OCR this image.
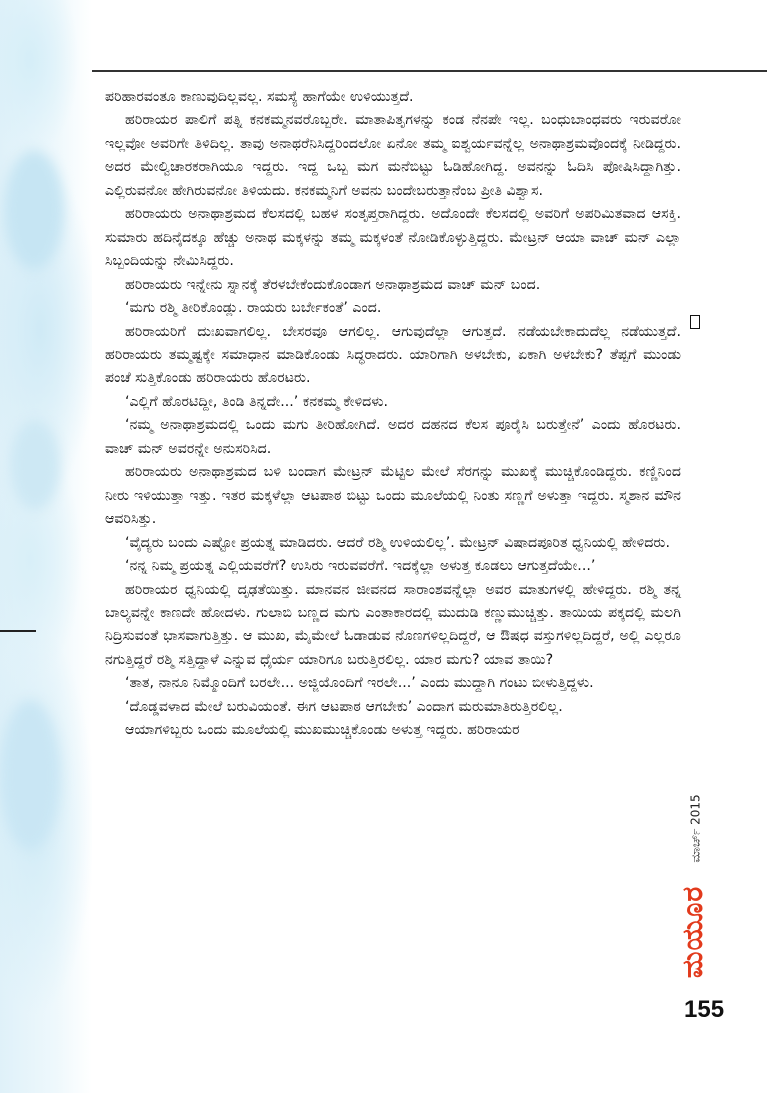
ಪರಿಹಾರವಂತೂ ಕಾಣುವುದಿಲ್ಲವಲ್ಲ. ಸಮಸ್ಯೆ ಹಾಗೆಯೇ ಉಳಿಯುತ್ತದೆ.

ಹರಿರಾಯರ ಪಾಲಿಗೆ ಪತ್ನಿ ಕನಕಮ್ಮನವರೊಬ್ಬರೇ. ಮಾತಾಪಿತೃಗಳನ್ನು ಕಂಡ ನೆನಪೇ ಇಲ್ಲ. ಬಂಧುಬಾಂಧವರು ಇರುವರೋ ಇಲ್ಲವೋ ಅವರಿಗೇ ತಿಳಿದಿಲ್ಲ. ತಾವು ಅನಾಥರೆನಿಸಿದ್ದರಿಂದಲೋ ಏನೋ ತಮ್ಮ ಐಶ್ವರ್ಯವನ್ನೆಲ್ಲ ಅನಾಥಾಶ್ರಮವೊಂದಕ್ಕೆ ನೀಡಿದ್ದರು. ಅದರ ಮೇಲ್ವಿಚಾರಕರಾಗಿಯೂ ಇದ್ದರು. ಇದ್ದ ಒಬ್ಬ ಮಗ ಮನೆಬಿಟ್ಟು ಓಡಿಹೋಗಿದ್ದ. ಅವನನ್ನು ಓದಿಸಿ ಪೋಷಿಸಿದ್ದಾಗಿತ್ತು. ಎಲ್ಲಿರುವನೋ ಹೇಗಿರುವನೋ ತಿಳಿಯದು. ಕನಕಮ್ಮನಿಗೆ ಅವನು ಬಂದೇಬರುತ್ತಾನೆಂಬ ಪ್ರೀತಿ ವಿಶ್ವಾಸ.

ಹರಿರಾಯರು ಅನಾಥಾಶ್ರಮದ ಕೆಲಸದಲ್ಲಿ ಬಹಳ ಸಂತೃಪ್ತರಾಗಿದ್ದರು. ಅದೊಂದೇ ಕೆಲಸದಲ್ಲಿ ಅವರಿಗೆ ಅಪರಿಮಿತವಾದ ಆಸಕ್ತಿ. ಸುಮಾರು ಹದಿನೈದಕ್ಕೂ ಹೆಚ್ಚು ಅನಾಥ ಮಕ್ಕಳನ್ನು ತಮ್ಮ ಮಕ್ಕಳಂತೆ ನೋಡಿಕೊಳ್ಳುತ್ತಿದ್ದರು. ಮೇಟ್ರನ್ ಆಯಾ ವಾಚ್ ಮನ್ ಎಲ್ಲಾ ಸಿಬ್ಬಂದಿಯನ್ನು ನೇಮಿಸಿದ್ದರು.

ಹರಿರಾಯರು ಇನ್ನೇನು ಸ್ನಾನಕ್ಕೆ ತೆರಳಬೇಕೆಂದುಕೊಂಡಾಗ ಅನಾಥಾಶ್ರಮದ ವಾಚ್ ಮನ್ ಬಂದ.

‘ಮಗು ರಶ್ಮಿ ತೀರಿಕೊಂಡ್ಲು. ರಾಯರು ಬರ್ಬೇಕಂತೆ’ ಎಂದ.

ಹರಿರಾಯರಿಗೆ ದುಃಖವಾಗಲಿಲ್ಲ. ಬೇಸರವೂ ಆಗಲಿಲ್ಲ. ಆಗುವುದೆಲ್ಲಾ ಆಗುತ್ತದೆ. ನಡೆಯಬೇಕಾದುದೆಲ್ಲ ನಡೆಯುತ್ತದೆ. ಹರಿರಾಯರು ತಮ್ಮಷ್ಟಕ್ಕೇ ಸಮಾಧಾನ ಮಾಡಿಕೊಂಡು ಸಿದ್ಧರಾದರು. ಯಾರಿಗಾಗಿ ಅಳಬೇಕು, ಏಕಾಗಿ ಅಳಬೇಕು? ತೆಪ್ಪಗೆ ಮುಂಡು ಪಂಚೆ ಸುತ್ತಿಕೊಂಡು ಹರಿರಾಯರು ಹೊರಟರು.

‘ಎಲ್ಲಿಗೆ ಹೊರಟಿದ್ದೀ, ತಿಂಡಿ ತಿನ್ನದೇ...’ ಕನಕಮ್ಮ ಕೇಳಿದಳು.

‘ನಮ್ಮ ಅನಾಥಾಶ್ರಮದಲ್ಲಿ ಒಂದು ಮಗು ತೀರಿಹೋಗಿದೆ. ಅದರ ದಹನದ ಕೆಲಸ ಪೂರೈಸಿ ಬರುತ್ತೇನೆ’ ಎಂದು ಹೊರಟರು. ವಾಚ್ ಮನ್ ಅವರನ್ನೇ ಅನುಸರಿಸಿದ.

ಹರಿರಾಯರು ಅನಾಥಾಶ್ರಮದ ಬಳಿ ಬಂದಾಗ ಮೇಟ್ರನ್ ಮೆಟ್ಟಿಲ ಮೇಲೆ ಸೆರಗನ್ನು ಮುಖಕ್ಕೆ ಮುಚ್ಚಿಕೊಂಡಿದ್ದರು. ಕಣ್ಣಿನಿಂದ ನೀರು ಇಳಿಯುತ್ತಾ ಇತ್ತು. ಇತರ ಮಕ್ಕಳೆಲ್ಲಾ ಆಟಪಾಠ ಬಿಟ್ಟು ಒಂದು ಮೂಲೆಯಲ್ಲಿ ನಿಂತು ಸಣ್ಣಗೆ ಅಳುತ್ತಾ ಇದ್ದರು. ಸ್ಮಶಾನ ಮೌನ ಆವರಿಸಿತ್ತು.

‘ವೈದ್ಯರು ಬಂದು ಎಷ್ಟೋ ಪ್ರಯತ್ನ ಮಾಡಿದರು. ಆದರೆ ರಶ್ಮಿ ಉಳಿಯಲಿಲ್ಲ’. ಮೇಟ್ರನ್ ವಿಷಾದಪೂರಿತ ಧ್ವನಿಯಲ್ಲಿ ಹೇಳಿದರು.

‘ನನ್ನ ನಿಮ್ಮ ಪ್ರಯತ್ನ ಎಲ್ಲಿಯವರೆಗೆ? ಉಸಿರು ಇರುವವರೆಗೆ. ಇದಕ್ಕೆಲ್ಲಾ ಅಳುತ್ತ ಕೂಡಲು ಆಗುತ್ತದೆಯೇ...’

ಹರಿರಾಯರ ಧ್ವನಿಯಲ್ಲಿ ದೃಢತೆಯಿತ್ತು. ಮಾನವನ ಜೀವನದ ಸಾರಾಂಶವನ್ನೆಲ್ಲಾ ಅವರ ಮಾತುಗಳಲ್ಲಿ ಹೇಳಿದ್ದರು. ರಶ್ಮಿ ತನ್ನ ಬಾಲ್ಯವನ್ನೇ ಕಾಣದೇ ಹೋದಳು. ಗುಲಾಬಿ ಬಣ್ಣದ ಮಗು ಎಂತಾಕಾರದಲ್ಲಿ ಮುದುಡಿ ಕಣ್ಣುಮುಚ್ಚಿತ್ತು. ತಾಯಿಯ ಪಕ್ಕದಲ್ಲಿ ಮಲಗಿ ನಿದ್ರಿಸುವಂತೆ ಭಾಸವಾಗುತ್ತಿತ್ತು. ಆ ಮುಖ, ಮೈಮೇಲೆ ಓಡಾಡುವ ನೊಣಗಳಿಲ್ಲದಿದ್ದರೆ, ಆ ಔಷಧ ವಸ್ತುಗಳಿಲ್ಲದಿದ್ದರೆ, ಅಲ್ಲಿ ಎಲ್ಲರೂ ನಗುತ್ತಿದ್ದರೆ ರಶ್ಮಿ ಸತ್ತಿದ್ದಾಳೆ ಎನ್ನುವ ಧೈರ್ಯ ಯಾರಿಗೂ ಬರುತ್ತಿರಲಿಲ್ಲ. ಯಾರ ಮಗು? ಯಾವ ತಾಯಿ?

‘ತಾತ, ನಾನೂ ನಿಮ್ಮೊಂದಿಗೆ ಬರಲೇ... ಅಜ್ಜಿಯೊಂದಿಗೆ ಇರಲೇ...’ ಎಂದು ಮುದ್ದಾಗಿ ಗಂಟು ಬೀಳುತ್ತಿದ್ದಳು.

‘ದೊಡ್ಡವಳಾದ ಮೇಲೆ ಬರುವಿಯಂತೆ. ಈಗ ಆಟಪಾಠ ಆಗಬೇಕು’ ಎಂದಾಗ ಮರುಮಾತಿರುತ್ತಿರಲಿಲ್ಲ.

ಆಯಾಗಳಿಬ್ಬರು ಒಂದು ಮೂಲೆಯಲ್ಲಿ ಮುಖಮುಚ್ಚಿಕೊಂಡು ಅಳುತ್ತ ಇದ್ದರು. ಹರಿರಾಯರ

ಮಾರ್ಚ್ 2015
ಮಯೂರ
155
